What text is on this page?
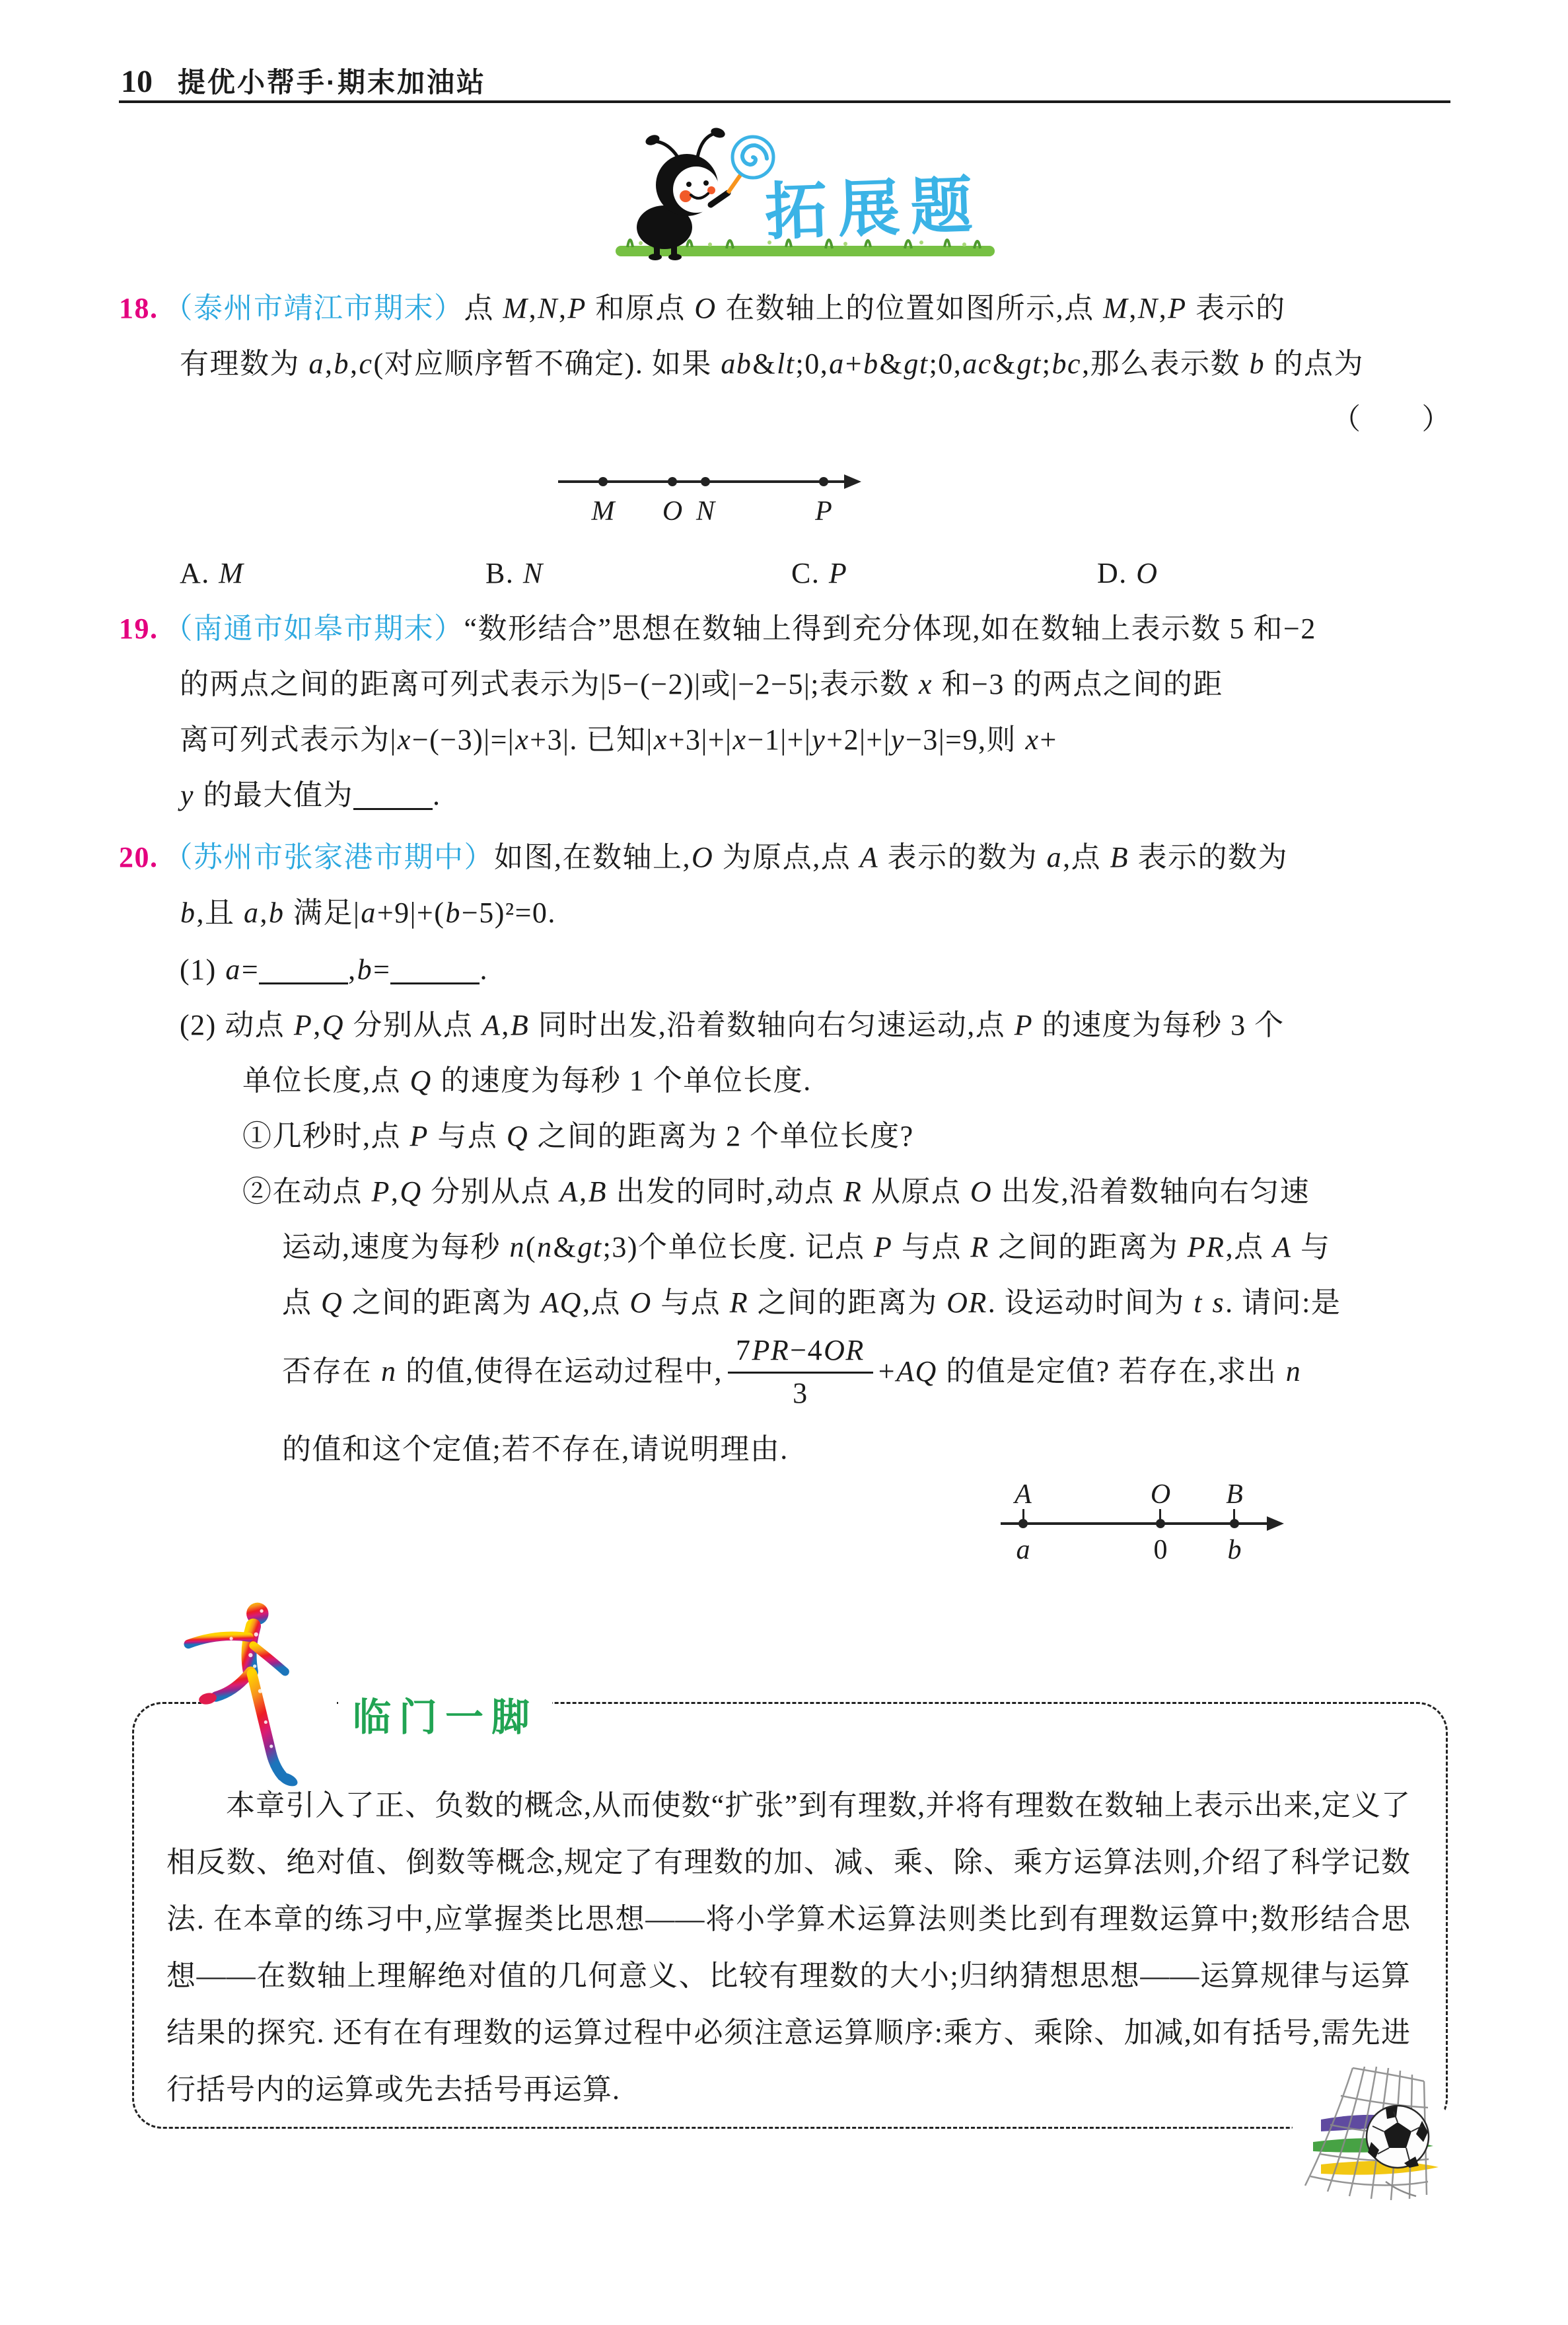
10 提优小帮手·期末加油站
拓展题
18. （泰州市靖江市期末）点 M,N,P 和原点 O 在数轴上的位置如图所示,点 M,N,P 表示的
有理数为 a,b,c(对应顺序暂不确定). 如果 ab&lt;0,a+b&gt;0,ac&gt;bc,那么表示数 b 的点为
（　　）
M O N	P
A. M	B. N	C. P	D. O
19. （南通市如皋市期末）“数形结合”思想在数轴上得到充分体现,如在数轴上表示数 5 和−2
的两点之间的距离可列式表示为|5−(−2)|或|−2−5|;表示数 x 和−3 的两点之间的距
离可列式表示为|x−(−3)|=|x+3|. 已知|x+3|+|x−1|+|y+2|+|y−3|=9,则 x+
y 的最大值为	.
20. （苏州市张家港市期中）如图,在数轴上,O 为原点,点 A 表示的数为 a,点 B 表示的数为
b,且 a,b 满足|a+9|+(b−5)²=0.
(1) a=	,b=	.
(2) 动点 P,Q 分别从点 A,B 同时出发,沿着数轴向右匀速运动,点 P 的速度为每秒 3 个
单位长度,点 Q 的速度为每秒 1 个单位长度.
①几秒时,点 P 与点 Q 之间的距离为 2 个单位长度?
②在动点 P,Q 分别从点 A,B 出发的同时,动点 R 从原点 O 出发,沿着数轴向右匀速
运动,速度为每秒 n(n&gt;3)个单位长度. 记点 P 与点 R 之间的距离为 PR,点 A 与
点 Q 之间的距离为 AQ,点 O 与点 R 之间的距离为 OR. 设运动时间为 t s. 请问:是
否存在 n 的值,使得在运动过程中, $\frac{7PR-4OR}{3} +AQ$ 的值是定值? 若存在,求出 n
的值和这个定值;若不存在,请说明理由.
A	O B
a	0 b
临门一脚

本章引入了正、负数的概念,从而使数“扩张”到有理数,并将有理数在数轴上表示出来,定义了相反数、绝对值、倒数等概念,规定了有理数的加、减、乘、除、乘方运算法则,介绍了科学记数法. 在本章的练习中,应掌握类比思想——将小学算术运算法则类比到有理数运算中;数形结合思想——在数轴上理解绝对值的几何意义、比较有理数的大小;归纳猜想思想——运算规律与运算结果的探究. 还有在有理数的运算过程中必须注意运算顺序:乘方、乘除、加减,如有括号,需先进行括号内的运算或先去括号再运算.
